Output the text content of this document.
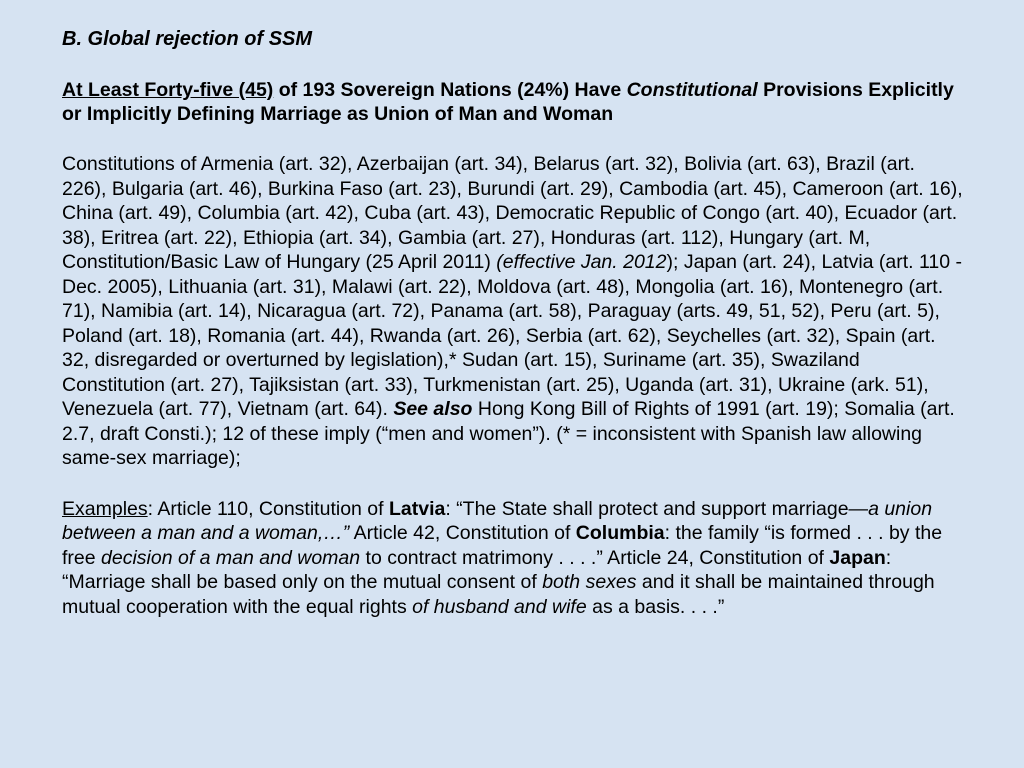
B. Global rejection of SSM

At Least Forty-five (45) of 193 Sovereign Nations (24%) Have Constitutional Provisions Explicitly or Implicitly Defining Marriage as Union of Man and Woman

Constitutions of Armenia (art. 32), Azerbaijan (art. 34), Belarus (art. 32), Bolivia (art. 63), Brazil (art. 226), Bulgaria (art. 46), Burkina Faso (art. 23), Burundi (art. 29), Cambodia (art. 45), Cameroon (art. 16), China (art. 49), Columbia (art. 42), Cuba (art. 43), Democratic Republic of Congo (art. 40), Ecuador (art. 38), Eritrea (art. 22), Ethiopia (art. 34), Gambia (art. 27), Honduras (art. 112), Hungary (art. M, Constitution/Basic Law of Hungary (25 April 2011) (effective Jan. 2012); Japan (art. 24), Latvia (art. 110 - Dec. 2005), Lithuania (art. 31), Malawi (art. 22), Moldova (art. 48), Mongolia (art. 16), Montenegro (art. 71), Namibia (art. 14), Nicaragua (art. 72), Panama (art. 58), Paraguay (arts. 49, 51, 52), Peru (art. 5), Poland (art. 18), Romania (art. 44), Rwanda (art. 26), Serbia (art. 62), Seychelles (art. 32), Spain (art. 32, disregarded or overturned by legislation),* Sudan (art. 15), Suriname (art. 35), Swaziland Constitution (art. 27), Tajiksistan (art. 33), Turkmenistan (art. 25), Uganda (art. 31), Ukraine (ark. 51), Venezuela (art. 77), Vietnam (art. 64). See also Hong Kong Bill of Rights of 1991 (art. 19); Somalia (art. 2.7, draft Consti.); 12 of these imply (“men and women”). (* = inconsistent with Spanish law allowing same-sex marriage);

Examples: Article 110, Constitution of Latvia: “The State shall protect and support marriage—a union between a man and a woman,…” Article 42, Constitution of Columbia: the family “is formed . . . by the free decision of a man and woman to contract matrimony . . . .” Article 24, Constitution of Japan: “Marriage shall be based only on the mutual consent of both sexes and it shall be maintained through mutual cooperation with the equal rights of husband and wife as a basis. . . .”
